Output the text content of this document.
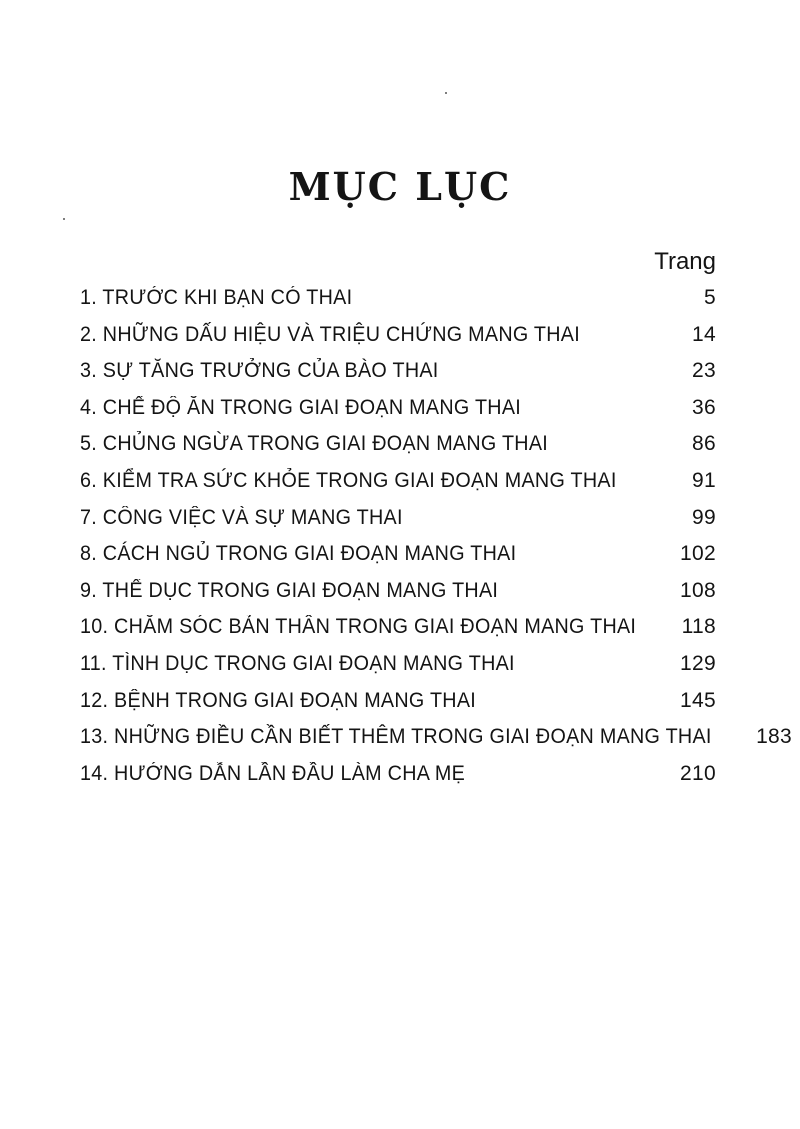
MỤC LỤC
Trang
1. TRƯỚC KHI BẠN CÓ THAI	5
2. NHỮNG DẤU HIỆU VÀ TRIỆU CHỨNG MANG THAI	14
3. SỰ TĂNG TRƯỞNG CỦA BÀO THAI	23
4. CHẾ ĐỘ ĂN TRONG GIAI ĐOẠN MANG THAI	36
5. CHỦNG NGỪA TRONG GIAI ĐOẠN MANG THAI	86
6. KIỂM TRA SỨC KHỎE TRONG GIAI ĐOẠN MANG THAI	91
7. CÔNG VIỆC VÀ SỰ MANG THAI	99
8. CÁCH NGỦ TRONG GIAI ĐOẠN MANG THAI	102
9. THỂ DỤC TRONG GIAI ĐOẠN MANG THAI	108
10. CHĂM SÓC BẢN THÂN TRONG GIAI ĐOẠN MANG THAI 118
11. TÌNH DỤC TRONG GIAI ĐOẠN MANG THAI	129
12. BỆNH TRONG GIAI ĐOẠN MANG THAI	145
13. NHỮNG ĐIỀU CẦN BIẾT THÊM TRONG GIAI ĐOẠN MANG THAI 183
14. HƯỚNG DẪN LẦN ĐẦU LÀM CHA MẸ	210
